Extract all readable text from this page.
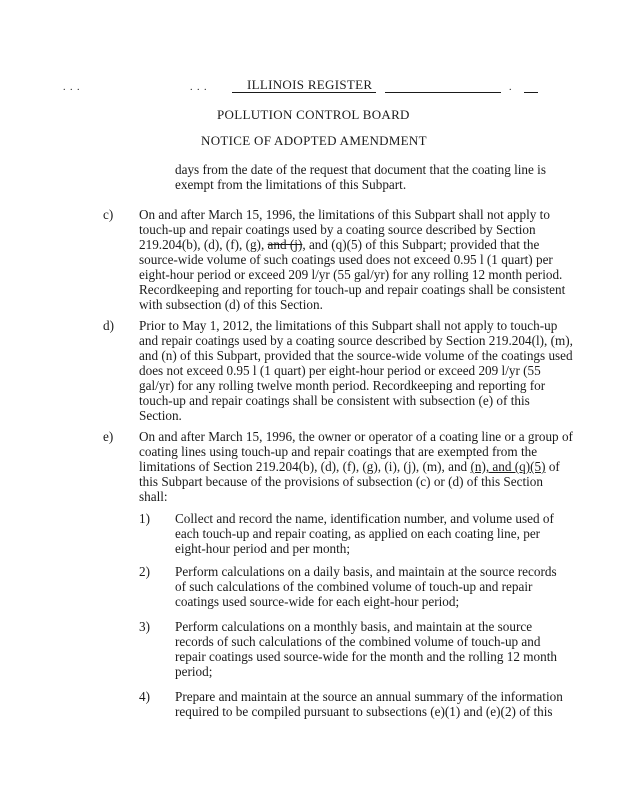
. . .	. . .	ILLINOIS REGISTER	.
POLLUTION CONTROL BOARD
NOTICE OF ADOPTED AMENDMENT
days from the date of the request that document that the coating line is
exempt from the limitations of this Subpart.
c) On and after March 15, 1996, the limitations of this Subpart shall not apply to
touch-up and repair coatings used by a coating source described by Section
219.204(b), (d), (f), (g), and (j), and (q)(5) of this Subpart; provided that the
source-wide volume of such coatings used does not exceed 0.95 l (1 quart) per
eight-hour period or exceed 209 l/yr (55 gal/yr) for any rolling 12 month period.
Recordkeeping and reporting for touch-up and repair coatings shall be consistent
with subsection (d) of this Section.
d) Prior to May 1, 2012, the limitations of this Subpart shall not apply to touch-up
and repair coatings used by a coating source described by Section 219.204(l), (m),
and (n) of this Subpart, provided that the source-wide volume of the coatings used
does not exceed 0.95 l (1 quart) per eight-hour period or exceed 209 l/yr (55
gal/yr) for any rolling twelve month period. Recordkeeping and reporting for
touch-up and repair coatings shall be consistent with subsection (e) of this
Section.
e) On and after March 15, 1996, the owner or operator of a coating line or a group of
coating lines using touch-up and repair coatings that are exempted from the
limitations of Section 219.204(b), (d), (f), (g), (i), (j), (m), and (n), and (q)(5) of
this Subpart because of the provisions of subsection (c) or (d) of this Section
shall:
1) Collect and record the name, identification number, and volume used of
each touch-up and repair coating, as applied on each coating line, per
eight-hour period and per month;
2) Perform calculations on a daily basis, and maintain at the source records
of such calculations of the combined volume of touch-up and repair
coatings used source-wide for each eight-hour period;
3) Perform calculations on a monthly basis, and maintain at the source
records of such calculations of the combined volume of touch-up and
repair coatings used source-wide for the month and the rolling 12 month
period;
4) Prepare and maintain at the source an annual summary of the information
required to be compiled pursuant to subsections (e)(1) and (e)(2) of this
